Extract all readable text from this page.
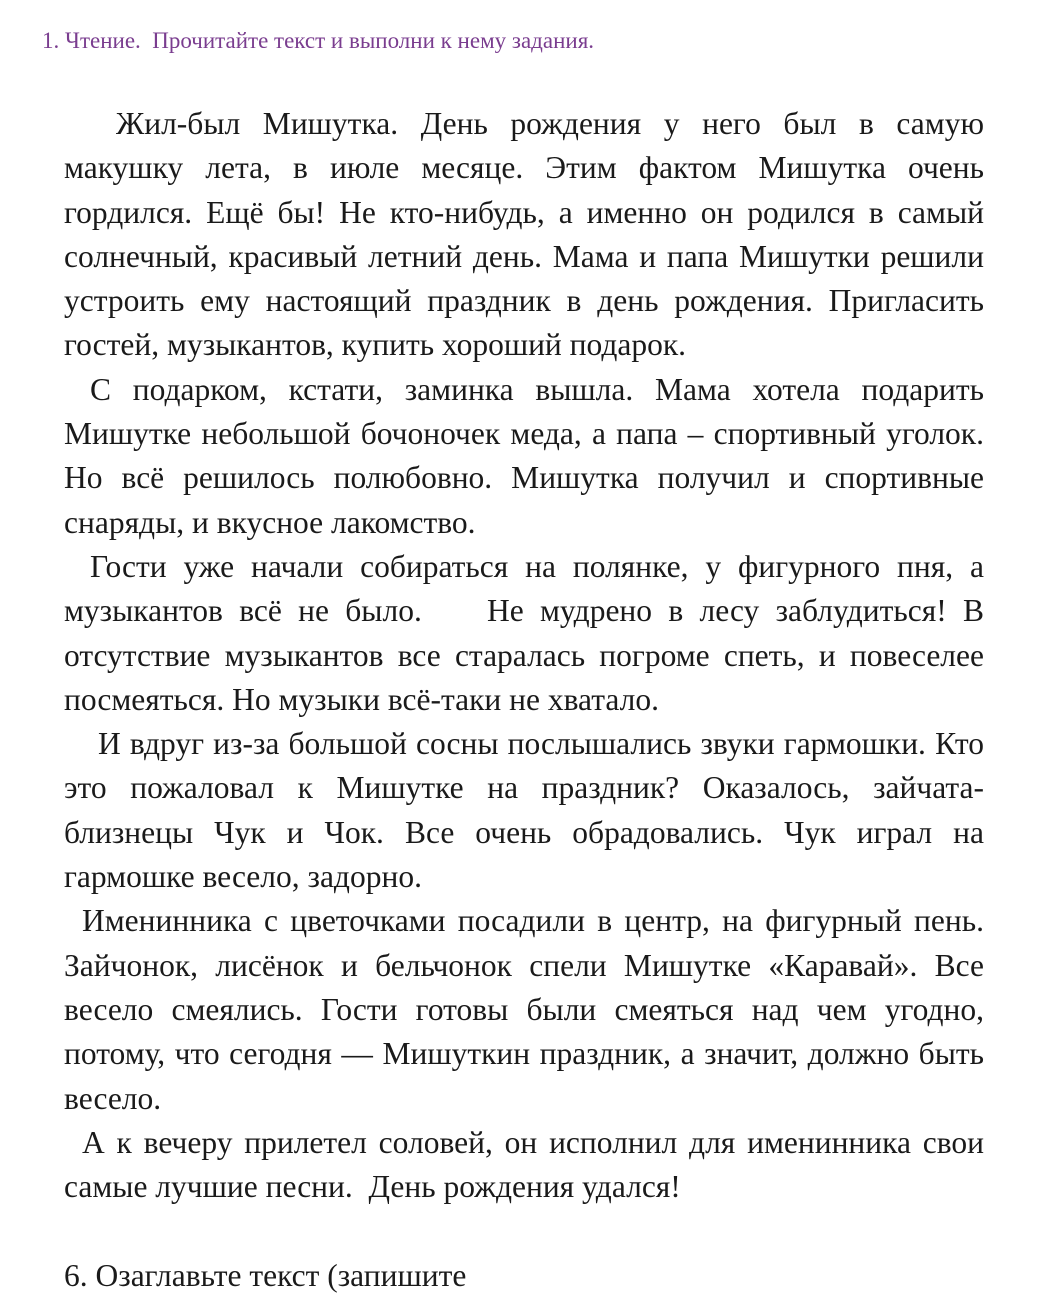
1. Чтение.  Прочитайте текст и выполни к нему задания.

Жил-был Мишутка. День рождения у него был в самую макушку лета, в июле месяце. Этим фактом Мишутка очень гордился. Ещё бы! Не кто-нибудь, а именно он родился в самый солнечный, красивый летний день. Мама и папа Мишутки решили устроить ему настоящий праздник в день рождения. Пригласить гостей, музыкантов, купить хороший подарок.

С подарком, кстати, заминка вышла. Мама хотела подарить Мишутке небольшой бочоночек меда, а папа – спортивный уголок. Но всё решилось полюбовно. Мишутка получил и спортивные снаряды, и вкусное лакомство.

Гости уже начали собираться на полянке, у фигурного пня, а музыкантов всё не было.    Не мудрено в лесу заблудиться! В отсутствие музыкантов все старалась погроме спеть, и повеселее посмеяться. Но музыки всё-таки не хватало.

И вдруг из-за большой сосны послышались звуки гармошки. Кто это пожаловал к Мишутке на праздник? Оказалось, зайчата-близнецы Чук и Чок. Все очень обрадовались. Чук играл на гармошке весело, задорно.

Именинника с цветочками посадили в центр, на фигурный пень. Зайчонок, лисёнок и бельчонок спели Мишутке «Каравай». Все весело смеялись. Гости готовы были смеяться над чем угодно, потому, что сегодня — Мишуткин праздник, а значит, должно быть весело.

А к вечеру прилетел соловей, он исполнил для именинника свои самые лучшие песни.  День рождения удался!

6. Озаглавьте текст (запишите
